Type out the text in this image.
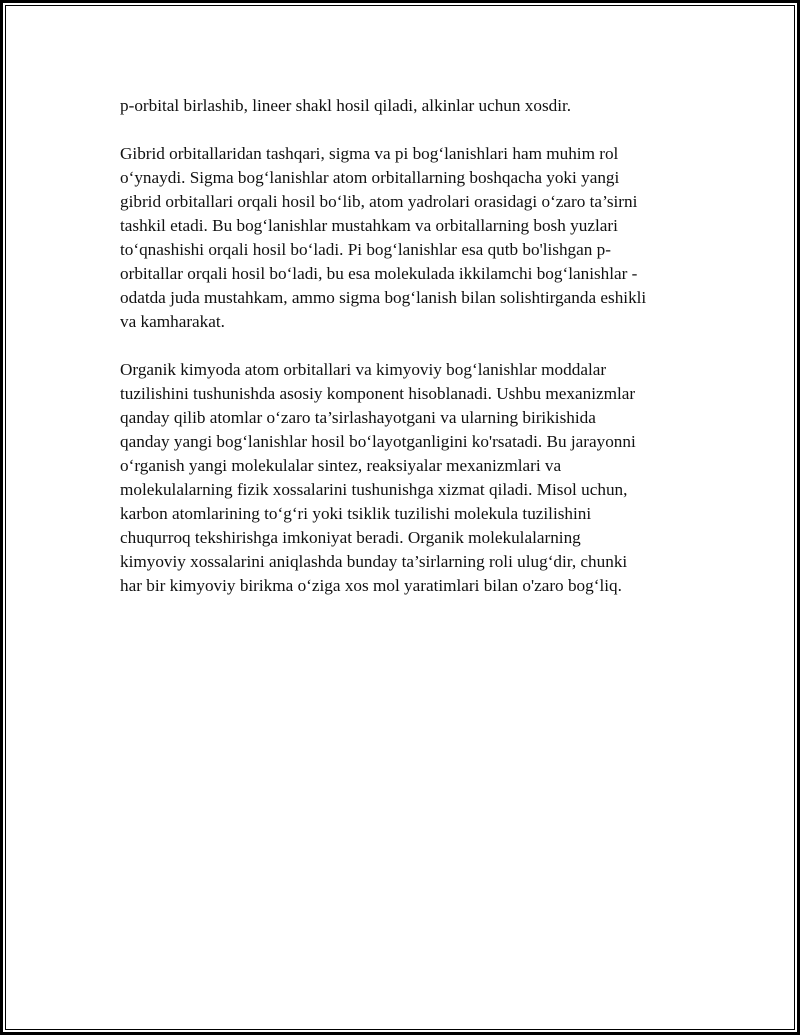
p-orbital birlashib, lineer shakl hosil qiladi, alkinlar uchun xosdir.

Gibrid orbitallaridan tashqari, sigma va pi bog‘lanishlari ham muhim rol
o‘ynaydi. Sigma bog‘lanishlar atom orbitallarning boshqacha yoki yangi
gibrid orbitallari orqali hosil bo‘lib, atom yadrolari orasidagi o‘zaro ta’sirni
tashkil etadi. Bu bog‘lanishlar mustahkam va orbitallarning bosh yuzlari
to‘qnashishi orqali hosil bo‘ladi. Pi bog‘lanishlar esa qutb bo'lishgan p-
orbitallar orqali hosil bo‘ladi, bu esa molekulada ikkilamchi bog‘lanishlar -
odatda juda mustahkam, ammo sigma bog‘lanish bilan solishtirganda eshikli
va kamharakat.

Organik kimyoda atom orbitallari va kimyoviy bog‘lanishlar moddalar
tuzilishini tushunishda asosiy komponent hisoblanadi. Ushbu mexanizmlar
qanday qilib atomlar o‘zaro ta’sirlashayotgani va ularning birikishida
qanday yangi bog‘lanishlar hosil bo‘layotganligini ko'rsatadi. Bu jarayonni
o‘rganish yangi molekulalar sintez, reaksiyalar mexanizmlari va
molekulalarning fizik xossalarini tushunishga xizmat qiladi. Misol uchun,
karbon atomlarining to‘g‘ri yoki tsiklik tuzilishi molekula tuzilishini
chuqurroq tekshirishga imkoniyat beradi. Organik molekulalarning
kimyoviy xossalarini aniqlashda bunday ta’sirlarning roli ulug‘dir, chunki
har bir kimyoviy birikma o‘ziga xos mol yaratimlari bilan o'zaro bog‘liq.
